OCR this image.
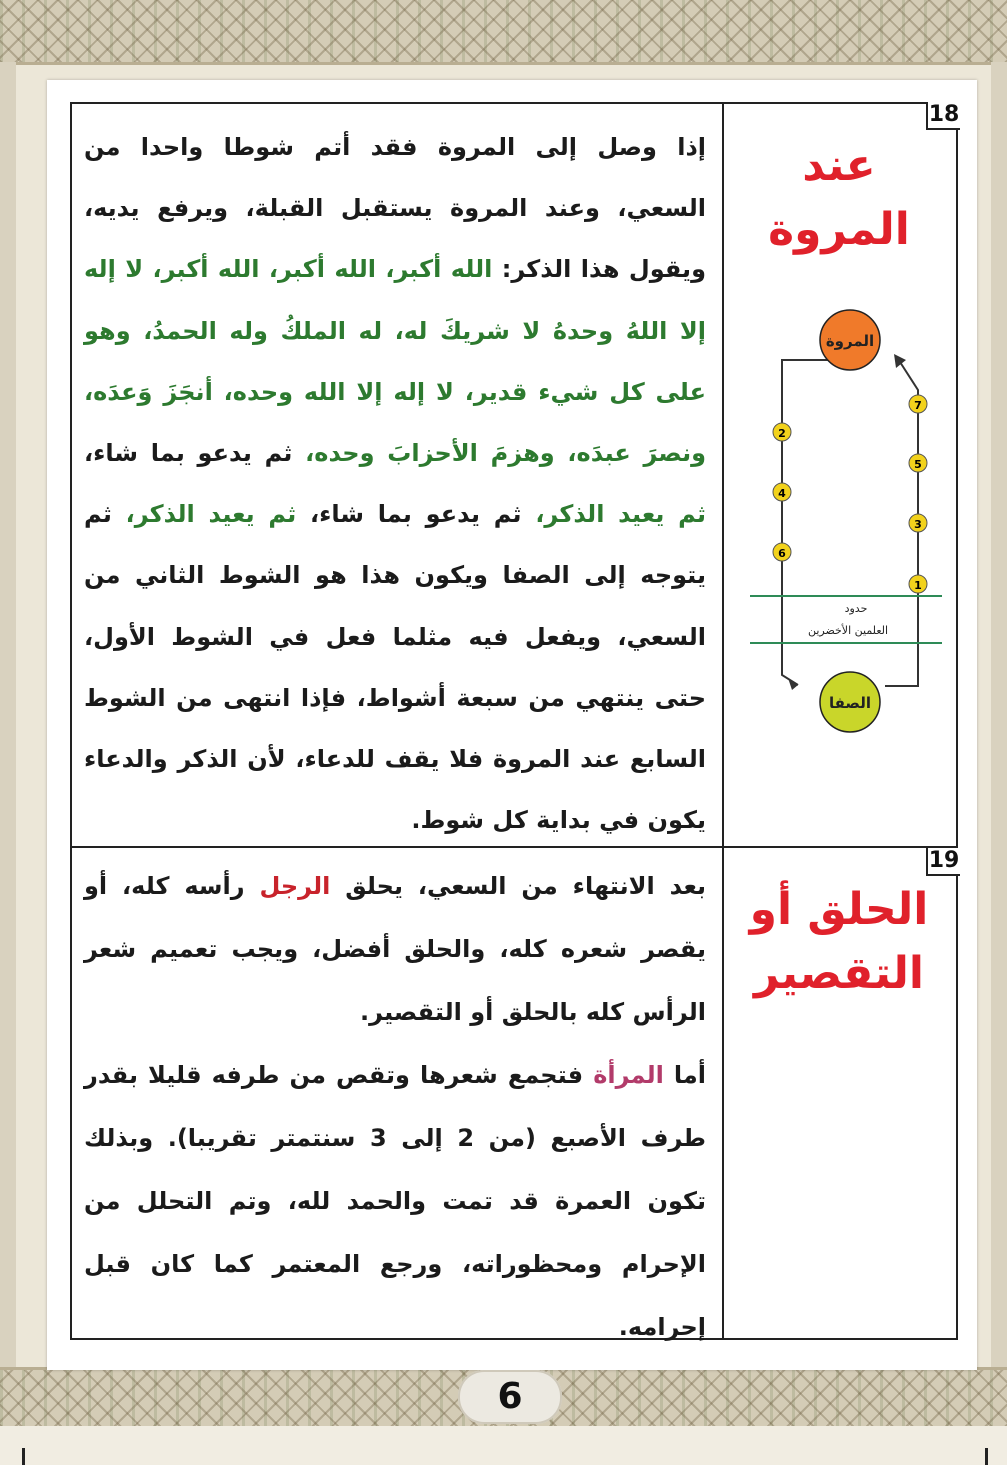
18
عند
المروة
إذا وصل إلى المروة فقد أتم شوطا واحدا من السعي، وعند المروة يستقبل القبلة، ويرفع يديه، ويقول هذا الذكر: الله أكبر، الله أكبر، الله أكبر، لا إله إلا اللهُ وحدهُ لا شريكَ له، له الملكُ وله الحمدُ، وهو على كل شيء قدير، لا إله إلا الله وحده، أنجَزَ وَعدَه، ونصرَ عبدَه، وهزمَ الأحزابَ وحده، ثم يدعو بما شاء، ثم يعيد الذكر، ثم يدعو بما شاء، ثم يعيد الذكر، ثم يتوجه إلى الصفا ويكون هذا هو الشوط الثاني من السعي، ويفعل فيه مثلما فعل في الشوط الأول، حتى ينتهي من سبعة أشواط، فإذا انتهى من الشوط السابع عند المروة فلا يقف للدعاء، لأن الذكر والدعاء يكون في بداية كل شوط.
حدود
العلمين الأخضرين
المروة
الصفا
2
4
6
7
5
3
1
19
الحلق أو
التقصير
بعد الانتهاء من السعي، يحلق الرجل رأسه كله، أو يقصر شعره كله، والحلق أفضل، ويجب تعميم شعر الرأس كله بالحلق أو التقصير.
أما المرأة فتجمع شعرها وتقص من طرفه قليلا بقدر طرف الأصبع (من 2 إلى 3 سنتمتر تقريبا). وبذلك تكون العمرة قد تمت والحمد لله، وتم التحلل من الإحرام ومحظوراته، ورجع المعتمر كما كان قبل إحرامه.
6
